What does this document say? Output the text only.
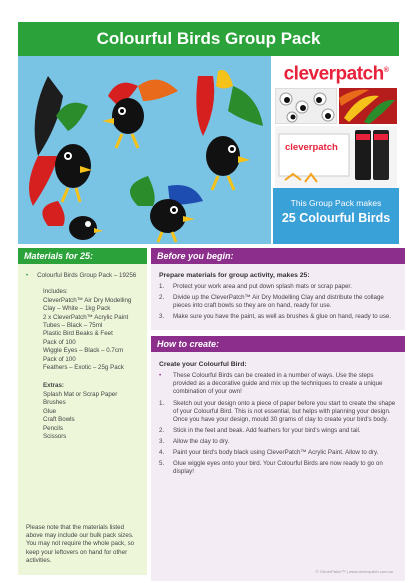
Colourful Birds Group Pack
cleverpatch®
cleverpatch
This Group Pack makes
25 Colourful Birds
Materials for 25:
• Colourful Birds Group Pack – 19256
Includes:
CleverPatch™ Air Dry Modelling
Clay – White – 1kg Pack
2 x CleverPatch™ Acrylic Paint
Tubes – Black – 75ml
Plastic Bird Beaks & Feet
Pack of 100
Wiggle Eyes – Black – 0.7cm
Pack of 100
Feathers – Exotic – 25g Pack
Extras:
Splash Mat or Scrap Paper
Brushes
Glue
Craft Bowls
Pencils
Scissors
Please note that the materials listed above may include our bulk pack sizes. You may not require the whole pack, so keep your leftovers on hand for other activities.
Before you begin:
Prepare materials for group activity, makes 25:
1.	Protect your work area and put down splash mats or scrap paper.
2.	Divide up the CleverPatch™ Air Dry Modelling Clay and distribute the collage pieces into craft bowls so they are on hand, ready for use.
3.	Make sure you have the paint, as well as brushes & glue on hand, ready to use.
How to create:
Create your Colourful Bird:
•	These Colourful Birds can be created in a number of ways. Use the steps provided as a decorative guide and mix up the techniques to create a unique combination of your own!
1.	Sketch out your design onto a piece of paper before you start to create the shape of your Colourful Bird. This is not essential, but helps with planning your design. Once you have your design, mould 30 grams of clay to create your bird's body.
2.	Stick in the feet and beak. Add feathers for your bird's wings and tail.
3.	Allow the clay to dry.
4.	Paint your bird's body black using CleverPatch™ Acrylic Paint. Allow to dry.
5.	Glue wiggle eyes onto your bird. Your Colourful Birds are now ready to go on display!
© CleverPatch™ | www.cleverpatch.com.au
